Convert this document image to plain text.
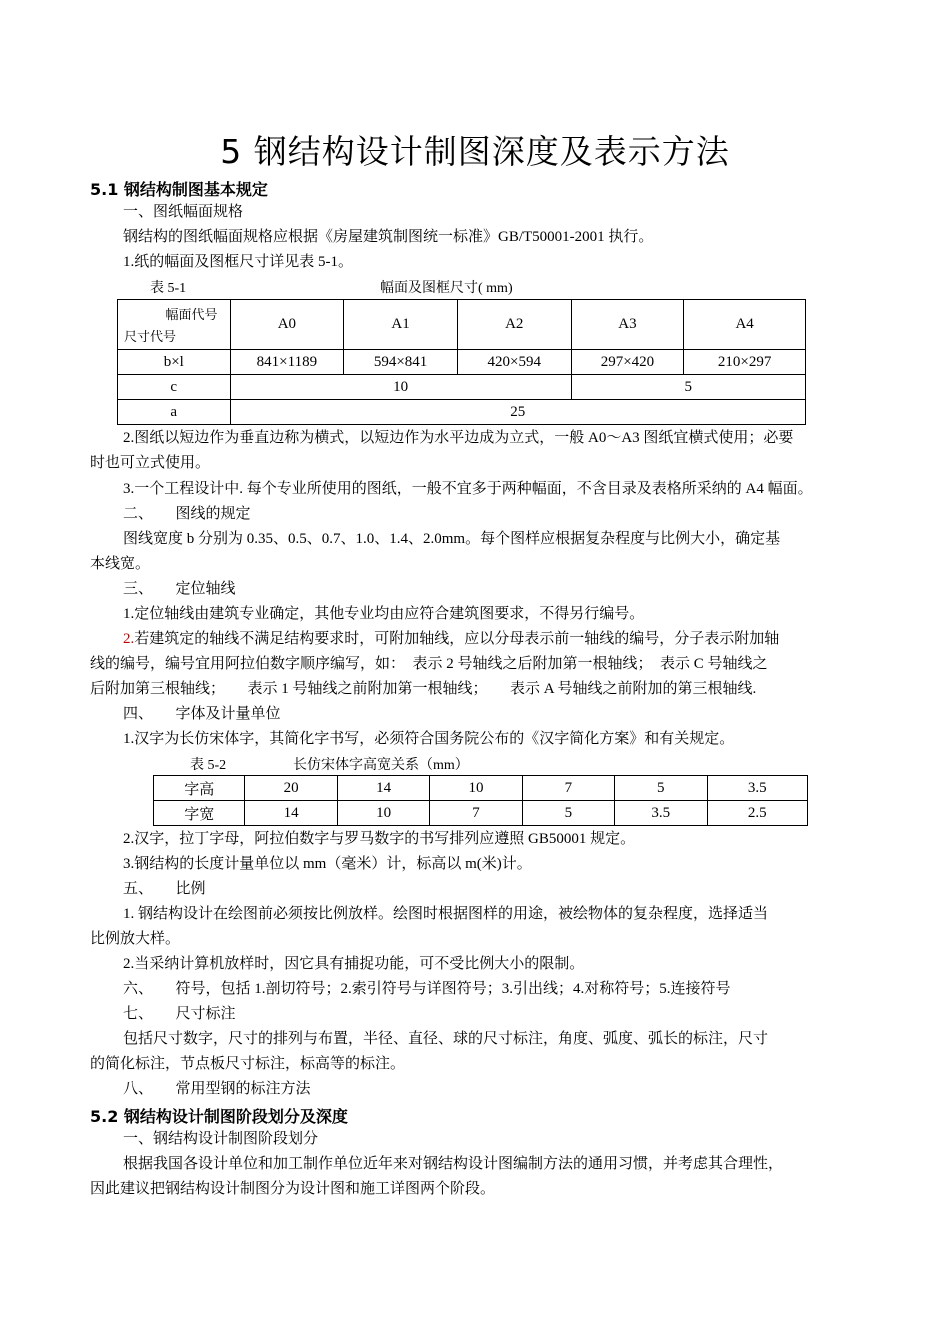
5 钢结构设计制图深度及表示方法
5.1 钢结构制图基本规定
一、图纸幅面规格
钢结构的图纸幅面规格应根据《房屋建筑制图统一标准》GB/T50001-2001 执行。
1.纸的幅面及图框尺寸详见表 5-1。
表 5-1	幅面及图框尺寸( mm)
幅面代号
尺寸代号	A0	A1	A2	A3	A4
b×l	841×1189	594×841	420×594	297×420	210×297
c	10			5	
a	25				
2.图纸以短边作为垂直边称为横式，以短边作为水平边成为立式，一般 A0～A3 图纸宜横式使用；必要
时也可立式使用。
3.一个工程设计中. 每个专业所使用的图纸，一般不宜多于两种幅面，不含目录及表格所采纳的 A4 幅面。
二、　　图线的规定
图线宽度 b 分别为 0.35、0.5、0.7、1.0、1.4、2.0mm。每个图样应根据复杂程度与比例大小，确定基
本线宽。
三、　　定位轴线
1.定位轴线由建筑专业确定，其他专业均由应符合建筑图要求，不得另行编号。
2.若建筑定的轴线不满足结构要求时，可附加轴线，应以分母表示前一轴线的编号，分子表示附加轴
线的编号，编号宜用阿拉伯数字顺序编写，如：　表示 2 号轴线之后附加第一根轴线；　表示 C 号轴线之
后附加第三根轴线；　　表示 1 号轴线之前附加第一根轴线；　　表示 A 号轴线之前附加的第三根轴线.
四、　　字体及计量单位
1.汉字为长仿宋体字，其简化字书写，必须符合国务院公布的《汉字简化方案》和有关规定。
表 5-2	长仿宋体字高宽关系（mm）
字高	20	14	10	7	5	3.5
字宽	14	10	7	5	3.5	2.5
2.汉字，拉丁字母，阿拉伯数字与罗马数字的书写排列应遵照 GB50001 规定。
3.钢结构的长度计量单位以 mm（毫米）计，标高以 m(米)计。
五、　　比例
1. 钢结构设计在绘图前必须按比例放样。绘图时根据图样的用途，被绘物体的复杂程度，选择适当
比例放大样。
2.当采纳计算机放样时，因它具有捕捉功能，可不受比例大小的限制。
六、　　符号，包括 1.剖切符号；2.索引符号与详图符号；3.引出线；4.对称符号；5.连接符号
七、　　尺寸标注
包括尺寸数字，尺寸的排列与布置，半径、直径、球的尺寸标注，角度、弧度、弧长的标注，尺寸
的简化标注，节点板尺寸标注，标高等的标注。
八、　　常用型钢的标注方法
5.2 钢结构设计制图阶段划分及深度
一、钢结构设计制图阶段划分
根据我国各设计单位和加工制作单位近年来对钢结构设计图编制方法的通用习惯，并考虑其合理性，
因此建议把钢结构设计制图分为设计图和施工详图两个阶段。
